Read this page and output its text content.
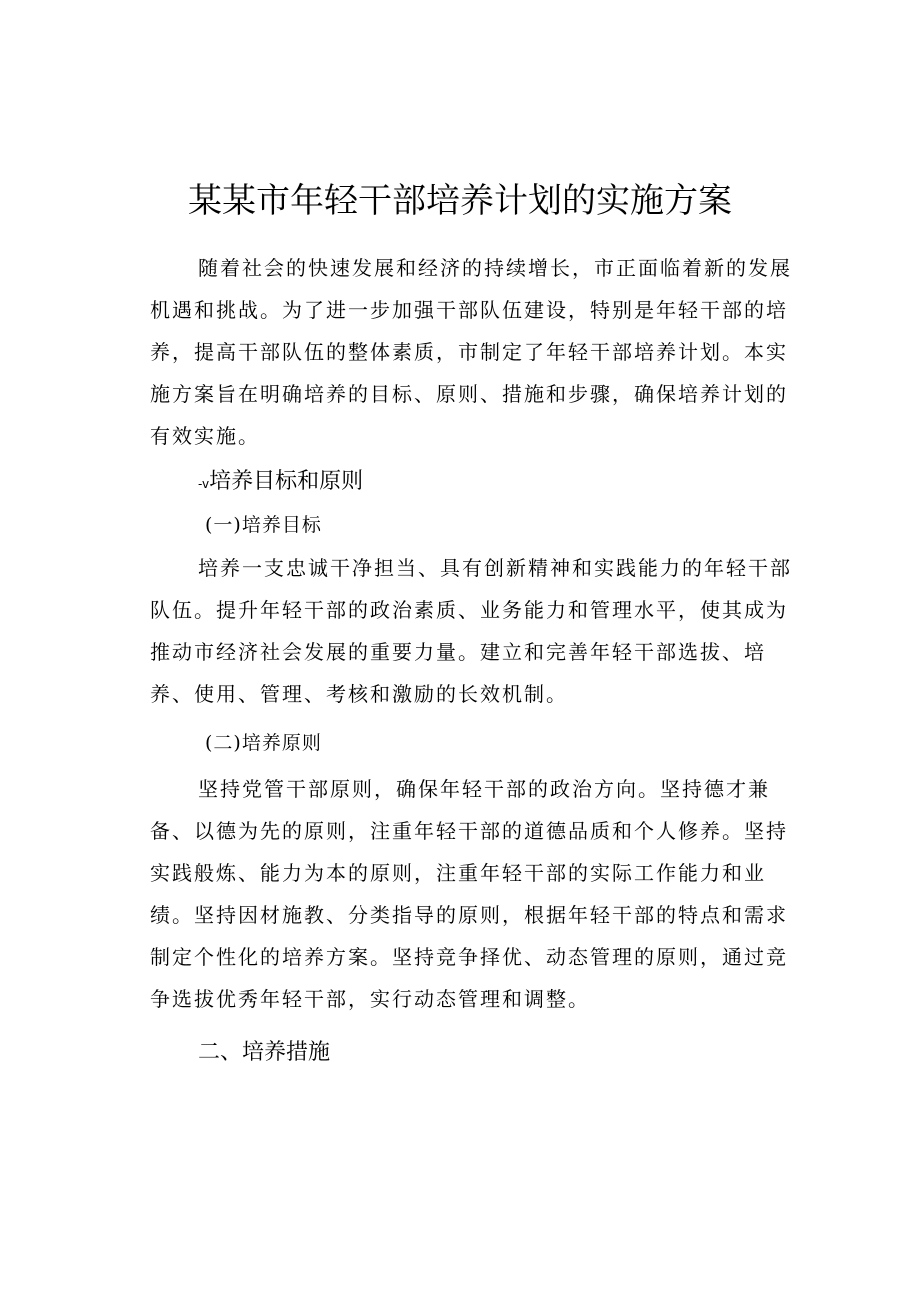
某某市年轻干部培养计划的实施方案

随着社会的快速发展和经济的持续增长，市正面临着新的发展机遇和挑战。为了进一步加强干部队伍建设，特别是年轻干部的培养，提高干部队伍的整体素质，市制定了年轻干部培养计划。本实施方案旨在明确培养的目标、原则、措施和步骤，确保培养计划的有效实施。

-v培养目标和原则
(一)培养目标

培养一支忠诚干净担当、具有创新精神和实践能力的年轻干部队伍。提升年轻干部的政治素质、业务能力和管理水平，使其成为推动市经济社会发展的重要力量。建立和完善年轻干部选拔、培养、使用、管理、考核和激励的长效机制。

(二)培养原则

坚持党管干部原则，确保年轻干部的政治方向。坚持德才兼备、以德为先的原则，注重年轻干部的道德品质和个人修养。坚持实践般炼、能力为本的原则，注重年轻干部的实际工作能力和业绩。坚持因材施教、分类指导的原则，根据年轻干部的特点和需求制定个性化的培养方案。坚持竞争择优、动态管理的原则，通过竞争选拔优秀年轻干部，实行动态管理和调整。

二、培养措施
